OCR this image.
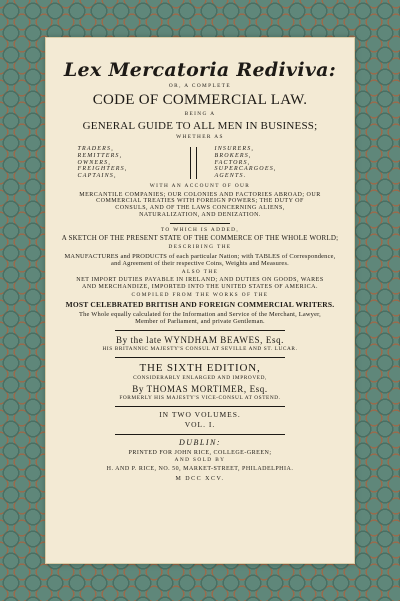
Lex Mercatoria Rediviva:
OR, A COMPLETE
CODE OF COMMERCIAL LAW.
BEING A
GENERAL GUIDE TO ALL MEN IN BUSINESS;
WHETHER AS
TRADERS,
REMITTERS,
OWNERS,
FREIGHTERS,
CAPTAINS,
INSURERS,
BROKERS,
FACTORS,
SUPERCARGOES,
AGENTS.
WITH AN ACCOUNT OF OUR
MERCANTILE COMPANIES; OUR COLONIES AND FACTORIES ABROAD; OUR
COMMERCIAL TREATIES WITH FOREIGN POWERS; THE DUTY OF
CONSULS, AND OF THE LAWS CONCERNING ALIENS,
NATURALIZATION, AND DENIZATION.
TO WHICH IS ADDED,
A SKETCH OF THE PRESENT STATE OF THE COMMERCE OF THE WHOLE WORLD;
DESCRIBING THE
MANUFACTURES and PRODUCTS of each particular Nation; with TABLES of Correspondence,
and Agreement of their respective Coins, Weights and Measures.
ALSO THE
NET IMPORT DUTIES PAYABLE IN IRELAND; AND DUTIES ON GOODS, WARES
AND MERCHANDIZE, IMPORTED INTO THE UNITED STATES OF AMERICA.
COMPILED FROM THE WORKS OF THE
MOST CELEBRATED BRITISH AND FOREIGN COMMERCIAL WRITERS.
The Whole equally calculated for the Information and Service of the Merchant, Lawyer,
Member of Parliament, and private Gentleman.
By the late WYNDHAM BEAWES, Esq.
HIS BRITANNIC MAJESTY'S CONSUL AT SEVILLE AND ST. LUCAR.
THE SIXTH EDITION,
CONSIDERABLY ENLARGED AND IMPROVED,
By THOMAS MORTIMER, Esq.
FORMERLY HIS MAJESTY'S VICE-CONSUL AT OSTEND.
IN TWO VOLUMES.
VOL. I.
DUBLIN:
PRINTED FOR JOHN RICE, COLLEGE-GREEN;
AND SOLD BY
H. AND P. RICE, NO. 50, MARKET-STREET, PHILADELPHIA.
M DCC XCV.
